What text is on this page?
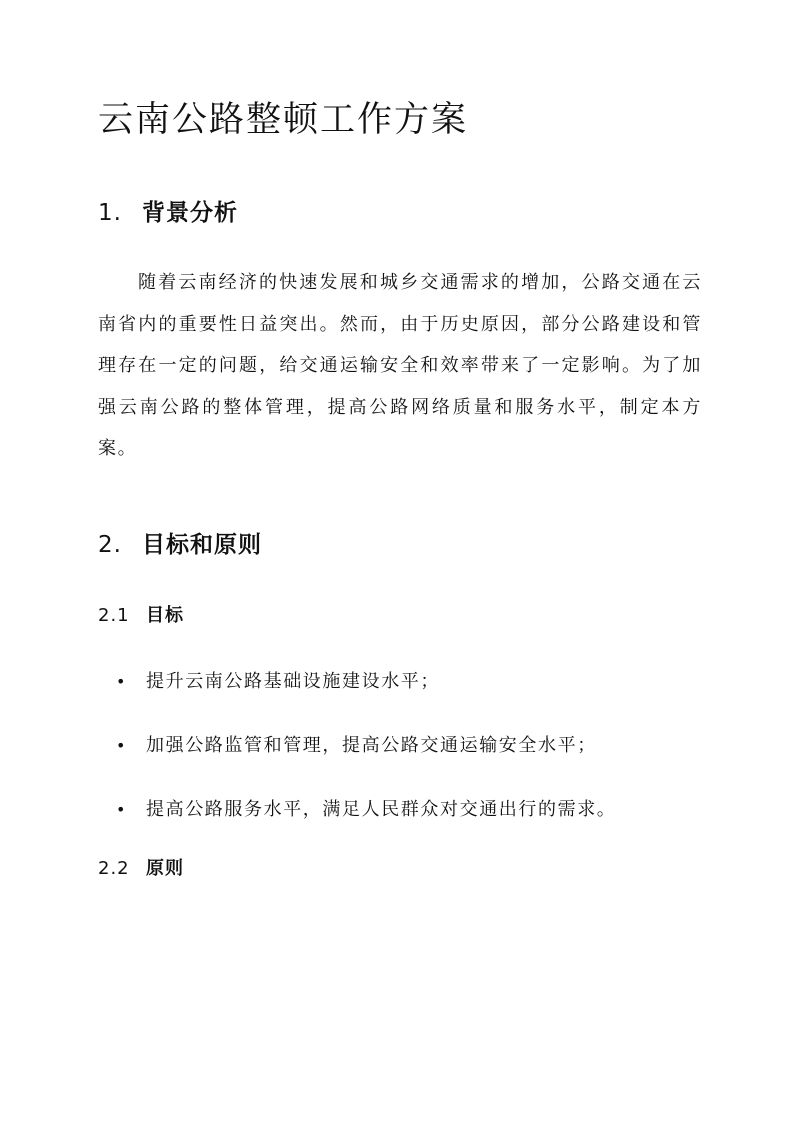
云南公路整顿工作方案
1. 背景分析

随着云南经济的快速发展和城乡交通需求的增加，公路交通在云南省内的重要性日益突出。然而，由于历史原因，部分公路建设和管理存在一定的问题，给交通运输安全和效率带来了一定影响。为了加强云南公路的整体管理，提高公路网络质量和服务水平，制定本方案。

2. 目标和原则
2.1 目标
• 提升云南公路基础设施建设水平；
• 加强公路监管和管理，提高公路交通运输安全水平；
• 提高公路服务水平，满足人民群众对交通出行的需求。
2.2 原则
